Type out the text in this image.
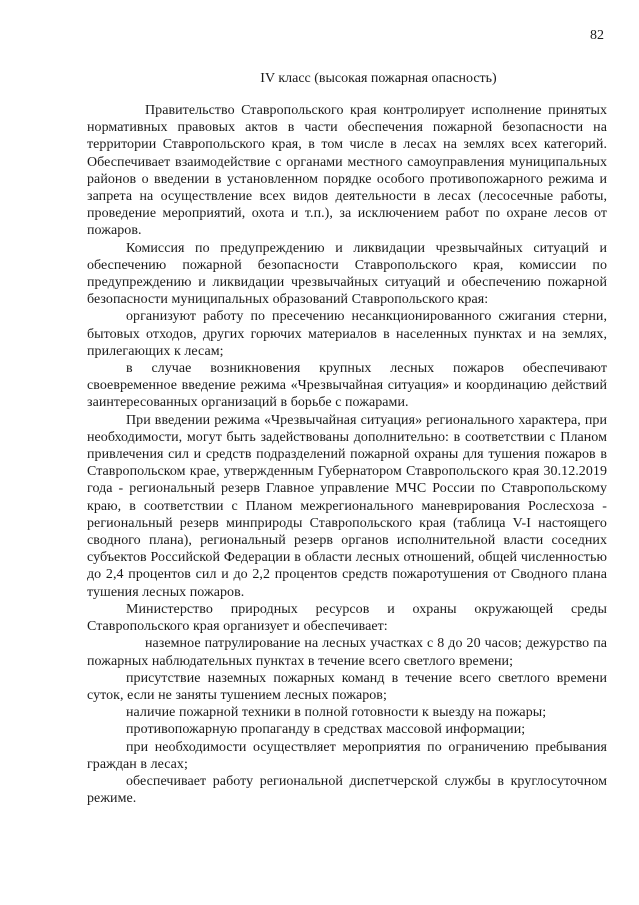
82
IV класс (высокая пожарная опасность)

Правительство Ставропольского края контролирует исполнение принятых нормативных правовых актов в части обеспечения пожарной безопасности на территории Ставропольского края, в том числе в лесах на землях всех категорий. Обеспечивает взаимодействие с органами местного самоуправления муниципальных районов о введении в установленном порядке особого противопожарного режима и запрета на осуществление всех видов деятельности в лесах (лесосечные работы, проведение мероприятий, охота и т.п.), за исключением работ по охране лесов от пожаров.

Комиссия по предупреждению и ликвидации чрезвычайных ситуаций и обеспечению пожарной безопасности Ставропольского края, комиссии по предупреждению и ликвидации чрезвычайных ситуаций и обеспечению пожарной безопасности муниципальных образований Ставропольского края:

организуют работу по пресечению несанкционированного сжигания стерни, бытовых отходов, других горючих материалов в населенных пунктах и на землях, прилегающих к лесам;

в случае возникновения крупных лесных пожаров обеспечивают своевременное введение режима «Чрезвычайная ситуация» и координацию действий заинтересованных организаций в борьбе с пожарами.

При введении режима «Чрезвычайная ситуация» регионального характера, при необходимости, могут быть задействованы дополнительно: в соответствии с Планом привлечения сил и средств подразделений пожарной охраны для тушения пожаров в Ставропольском крае, утвержденным Губернатором Ставропольского края 30.12.2019 года - региональный резерв Главное управление МЧС России по Ставропольскому краю, в соответствии с Планом межрегионального маневрирования Рослесхоза - региональный резерв минприроды Ставропольского края (таблица V-I настоящего сводного плана), региональный резерв органов исполнительной власти соседних субъектов Российской Федерации в области лесных отношений, общей численностью до 2,4 процентов сил и до 2,2 процентов средств пожаротушения от Сводного плана тушения лесных пожаров.

Министерство природных ресурсов и охраны окружающей среды Ставропольского края организует и обеспечивает:

наземное патрулирование на лесных участках с 8 до 20 часов; дежурство па пожарных наблюдательных пунктах в течение всего светлого времени;

присутствие наземных пожарных команд в течение всего светлого времени суток, если не заняты тушением лесных пожаров;

наличие пожарной техники в полной готовности к выезду на пожары;

противопожарную пропаганду в средствах массовой информации;

при необходимости осуществляет мероприятия по ограничению пребывания граждан в лесах;

обеспечивает работу региональной диспетчерской службы в круглосуточном режиме.
